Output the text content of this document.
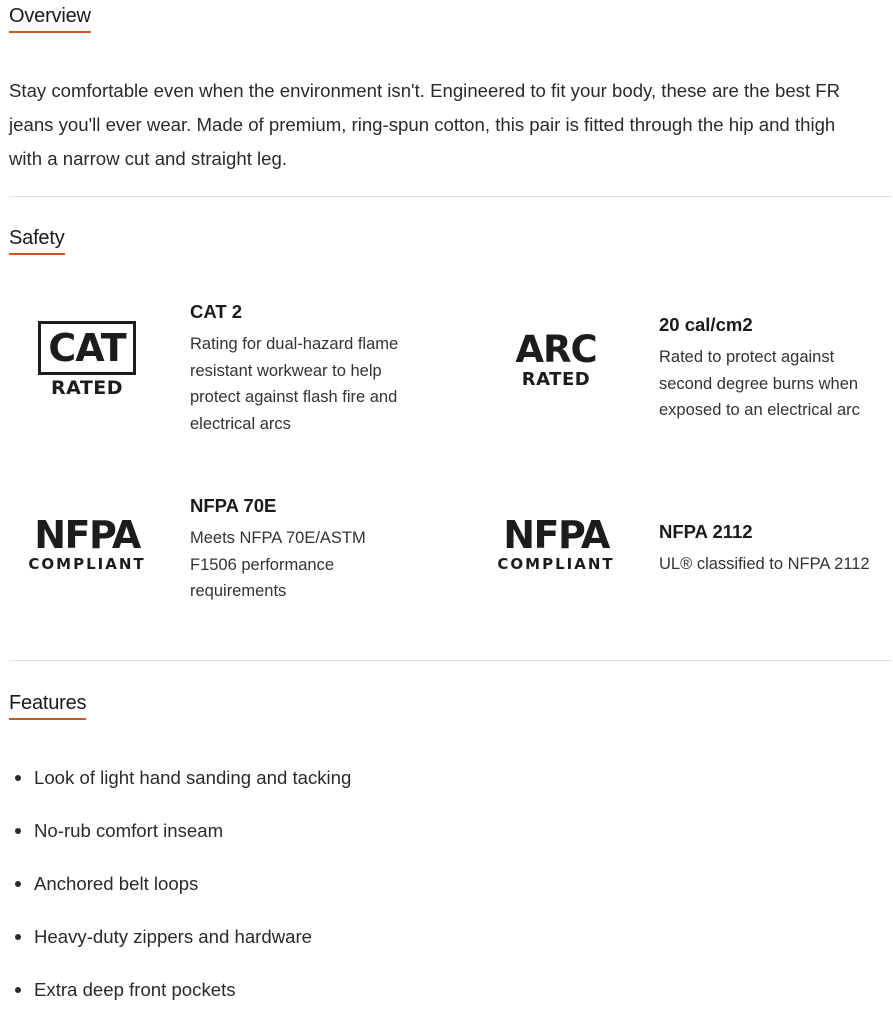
Overview

Stay comfortable even when the environment isn't. Engineered to fit your body, these are the best FR
jeans you'll ever wear. Made of premium, ring-spun cotton, this pair is fitted through the hip and thigh
with a narrow cut and straight leg.

Safety
CAT
RATED
CAT 2

Rating for dual-hazard flame
resistant workwear to help
protect against flash fire and
electrical arcs

ARC
RATED
20 cal/cm2

Rated to protect against
second degree burns when
exposed to an electrical arc

NFPA
COMPLIANT
NFPA 70E

Meets NFPA 70E/ASTM
F1506 performance
requirements

NFPA
COMPLIANT
NFPA 2112

UL® classified to NFPA 2112

Features
Look of light hand sanding and tacking
No-rub comfort inseam
Anchored belt loops
Heavy-duty zippers and hardware
Extra deep front pockets
